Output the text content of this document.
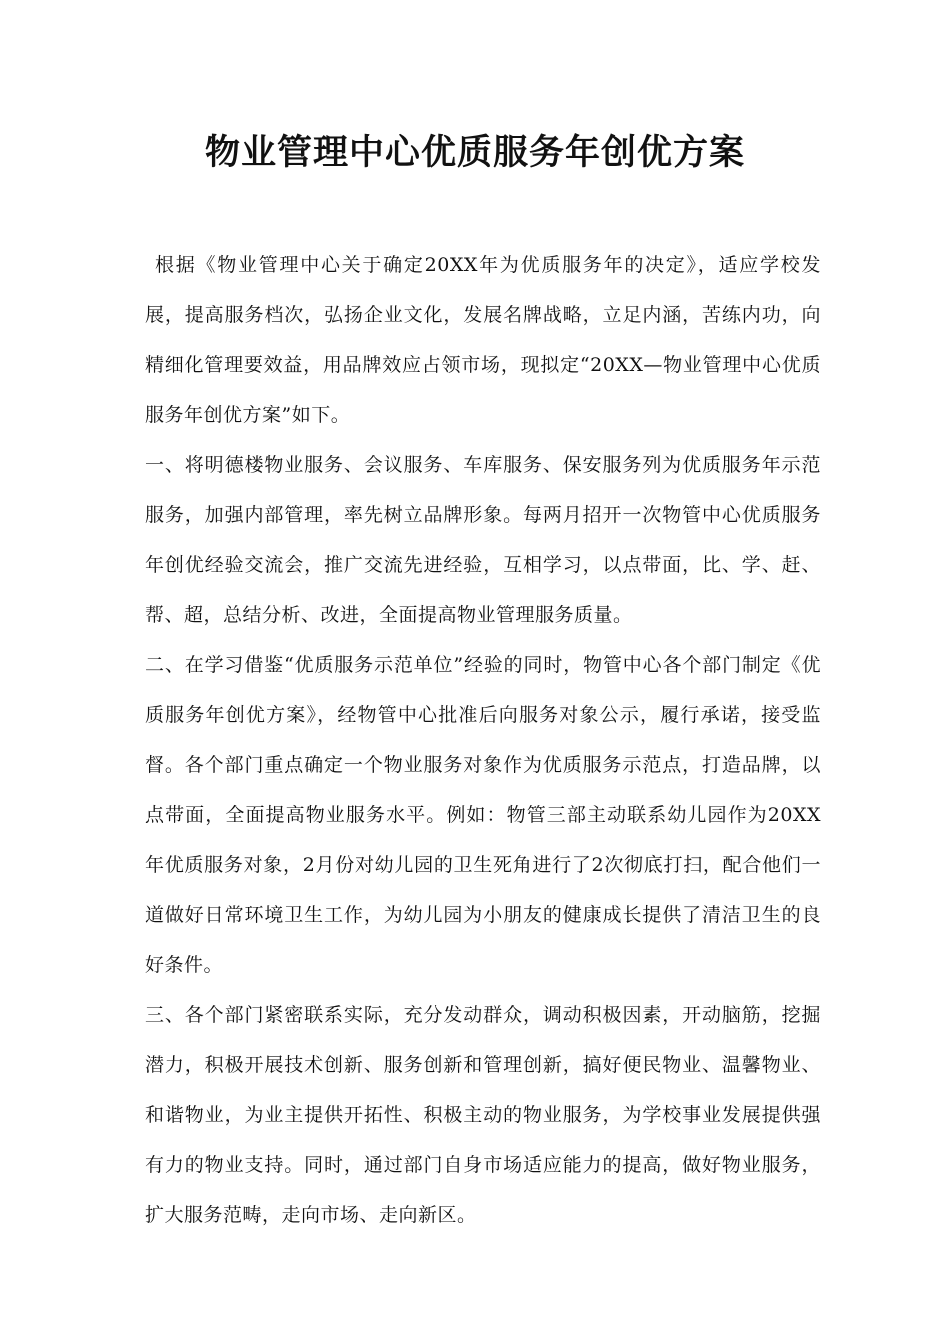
物业管理中心优质服务年创优方案

根据《物业管理中心关于确定20XX年为优质服务年的决定》，适应学校发展，提高服务档次，弘扬企业文化，发展名牌战略，立足内涵，苦练内功，向精细化管理要效益，用品牌效应占领市场，现拟定“20XX—物业管理中心优质服务年创优方案”如下。

一、将明德楼物业服务、会议服务、车库服务、保安服务列为优质服务年示范服务，加强内部管理，率先树立品牌形象。每两月招开一次物管中心优质服务年创优经验交流会，推广交流先进经验，互相学习，以点带面，比、学、赶、帮、超，总结分析、改进，全面提高物业管理服务质量。

二、在学习借鉴“优质服务示范单位”经验的同时，物管中心各个部门制定《优质服务年创优方案》，经物管中心批准后向服务对象公示，履行承诺，接受监督。各个部门重点确定一个物业服务对象作为优质服务示范点，打造品牌，以点带面，全面提高物业服务水平。例如：物管三部主动联系幼儿园作为20XX年优质服务对象，2月份对幼儿园的卫生死角进行了2次彻底打扫，配合他们一道做好日常环境卫生工作，为幼儿园为小朋友的健康成长提供了清洁卫生的良好条件。

三、各个部门紧密联系实际，充分发动群众，调动积极因素，开动脑筋，挖掘潜力，积极开展技术创新、服务创新和管理创新，搞好便民物业、温馨物业、和谐物业，为业主提供开拓性、积极主动的物业服务，为学校事业发展提供强有力的物业支持。同时，通过部门自身市场适应能力的提高，做好物业服务，扩大服务范畴，走向市场、走向新区。
